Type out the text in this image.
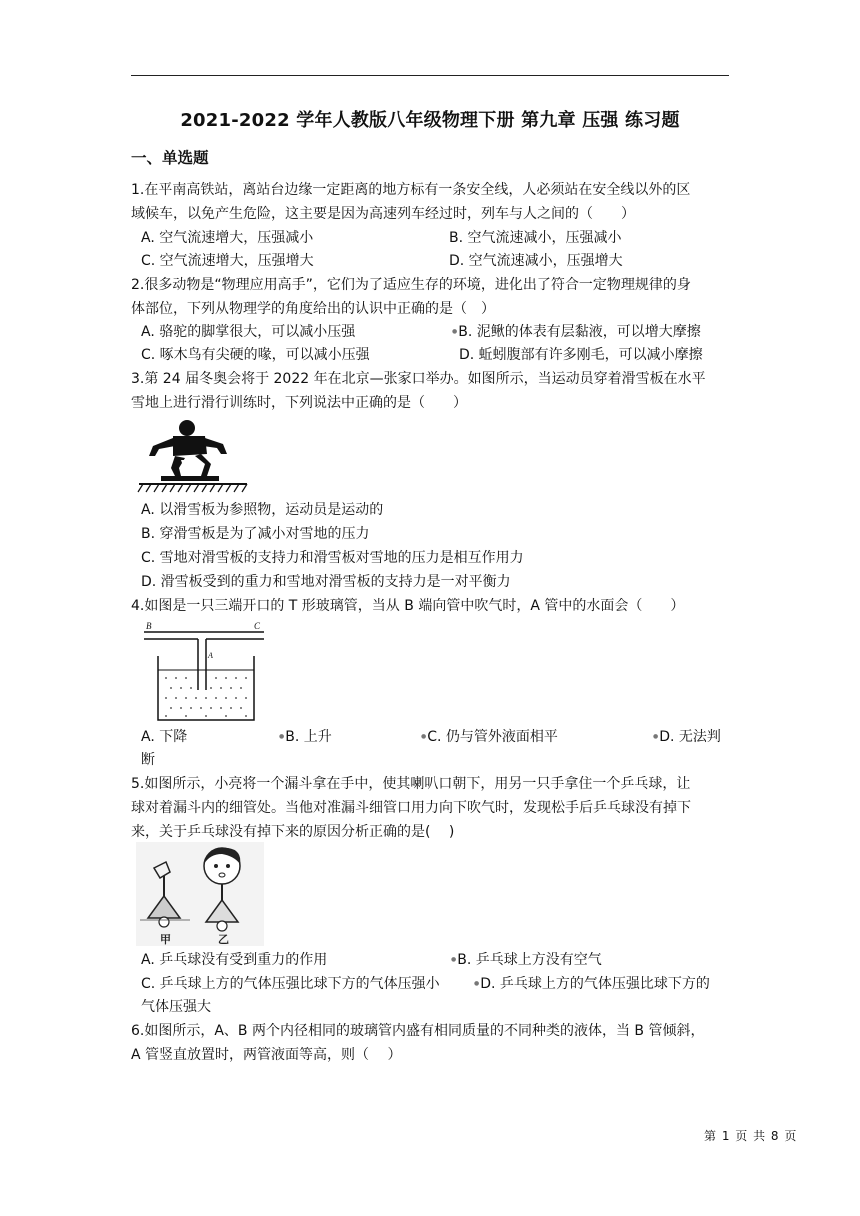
2021-2022 学年人教版八年级物理下册 第九章 压强 练习题
一、单选题
1.在平南高铁站，离站台边缘一定距离的地方标有一条安全线，人必须站在安全线以外的区
域候车，以免产生危险，这主要是因为高速列车经过时，列车与人之间的（　　）
A. 空气流速增大，压强减小	B. 空气流速减小，压强减小
C. 空气流速增大，压强增大	D. 空气流速减小，压强增大
2.很多动物是“物理应用高手”，它们为了适应生存的环境，进化出了符合一定物理规律的身
体部位，下列从物理学的角度给出的认识中正确的是（　）
A. 骆驼的脚掌很大，可以减小压强	●B. 泥鳅的体表有层黏液，可以增大摩擦
C. 啄木鸟有尖硬的喙，可以减小压强	D. 蚯蚓腹部有许多刚毛，可以减小摩擦
3.第 24 届冬奥会将于 2022 年在北京—张家口举办。如图所示，当运动员穿着滑雪板在水平
雪地上进行滑行训练时，下列说法中正确的是（　　）
A. 以滑雪板为参照物，运动员是运动的
B. 穿滑雪板是为了减小对雪地的压力
C. 雪地对滑雪板的支持力和滑雪板对雪地的压力是相互作用力
D. 滑雪板受到的重力和雪地对滑雪板的支持力是一对平衡力
4.如图是一只三端开口的 T 形玻璃管，当从 B 端向管中吹气时，A 管中的水面会（　　）
B	C
A
A. 下降	●B. 上升	●C. 仍与管外液面相平	●D. 无法判
断
5.如图所示，小亮将一个漏斗拿在手中，使其喇叭口朝下，用另一只手拿住一个乒乓球，让
球对着漏斗内的细管处。当他对准漏斗细管口用力向下吹气时，发现松手后乒乓球没有掉下
来，关于乒乓球没有掉下来的原因分析正确的是(　 )
甲	乙
A. 乒乓球没有受到重力的作用	●B. 乒乓球上方没有空气
C. 乒乓球上方的气体压强比球下方的气体压强小	●D. 乒乓球上方的气体压强比球下方的
气体压强大
6.如图所示，A、B 两个内径相同的玻璃管内盛有相同质量的不同种类的液体，当 B 管倾斜，
A 管竖直放置时，两管液面等高，则（　 ）
第 1 页 共 8 页
